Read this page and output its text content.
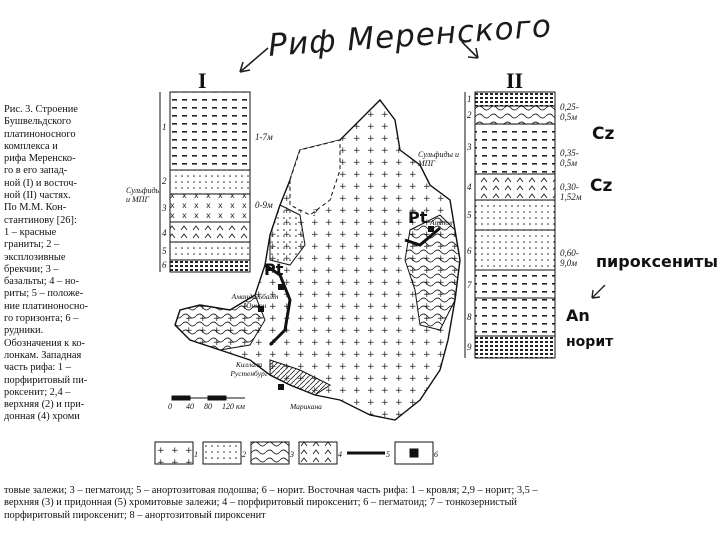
Риф Меренского
I	II
Сульфиды и МПГ
1-7м
0-9м
Сульфиды и МПГ
0,25-0,5м
0,35-0,5м
0,30-1,52м
0,60-9,0м
1
2
3
4
5
6
1
2
3
4
5
6
7
8
9
Cz
Cz
пироксениты
An
норит
Pt
Pt
Амандельбалт Юнион
Киллала Рустенбург
Марикана
Атток
?
0 40 80 120 км
1	2	3	4	5	6
Рис. 3. Строение
Бушвельдского
платиноносного
комплекса и
рифа Меренско-
го в его запад-
ной (I) и восточ-
ной (II) частях.
По М.М. Кон-
стантинову [26]:
1 – красные
граниты; 2 –
эксплозивные
брекчии; 3 –
базальты; 4 – но-
риты; 5 – положе-
ние платиноносно-
го горизонта; 6 –
рудники.
Обозначения к ко-
лонкам. Западная
часть рифа: 1 –
порфиритовый пи-
роксенит; 2,4 –
верхняя (2) и при-
донная (4) хроми
товые залежи; 3 – пегматоид; 5 – анортозитовая подошва; 6 – норит. Восточная часть рифа: 1 – кровля; 2,9 – норит; 3,5 –
верхняя (3) и придонная (5) хромитовые залежи; 4 – порфиритовый пироксенит; 6 – пегматоид; 7 – тонкозернистый
порфиритовый пироксенит; 8 – анортозитовый пироксенит
